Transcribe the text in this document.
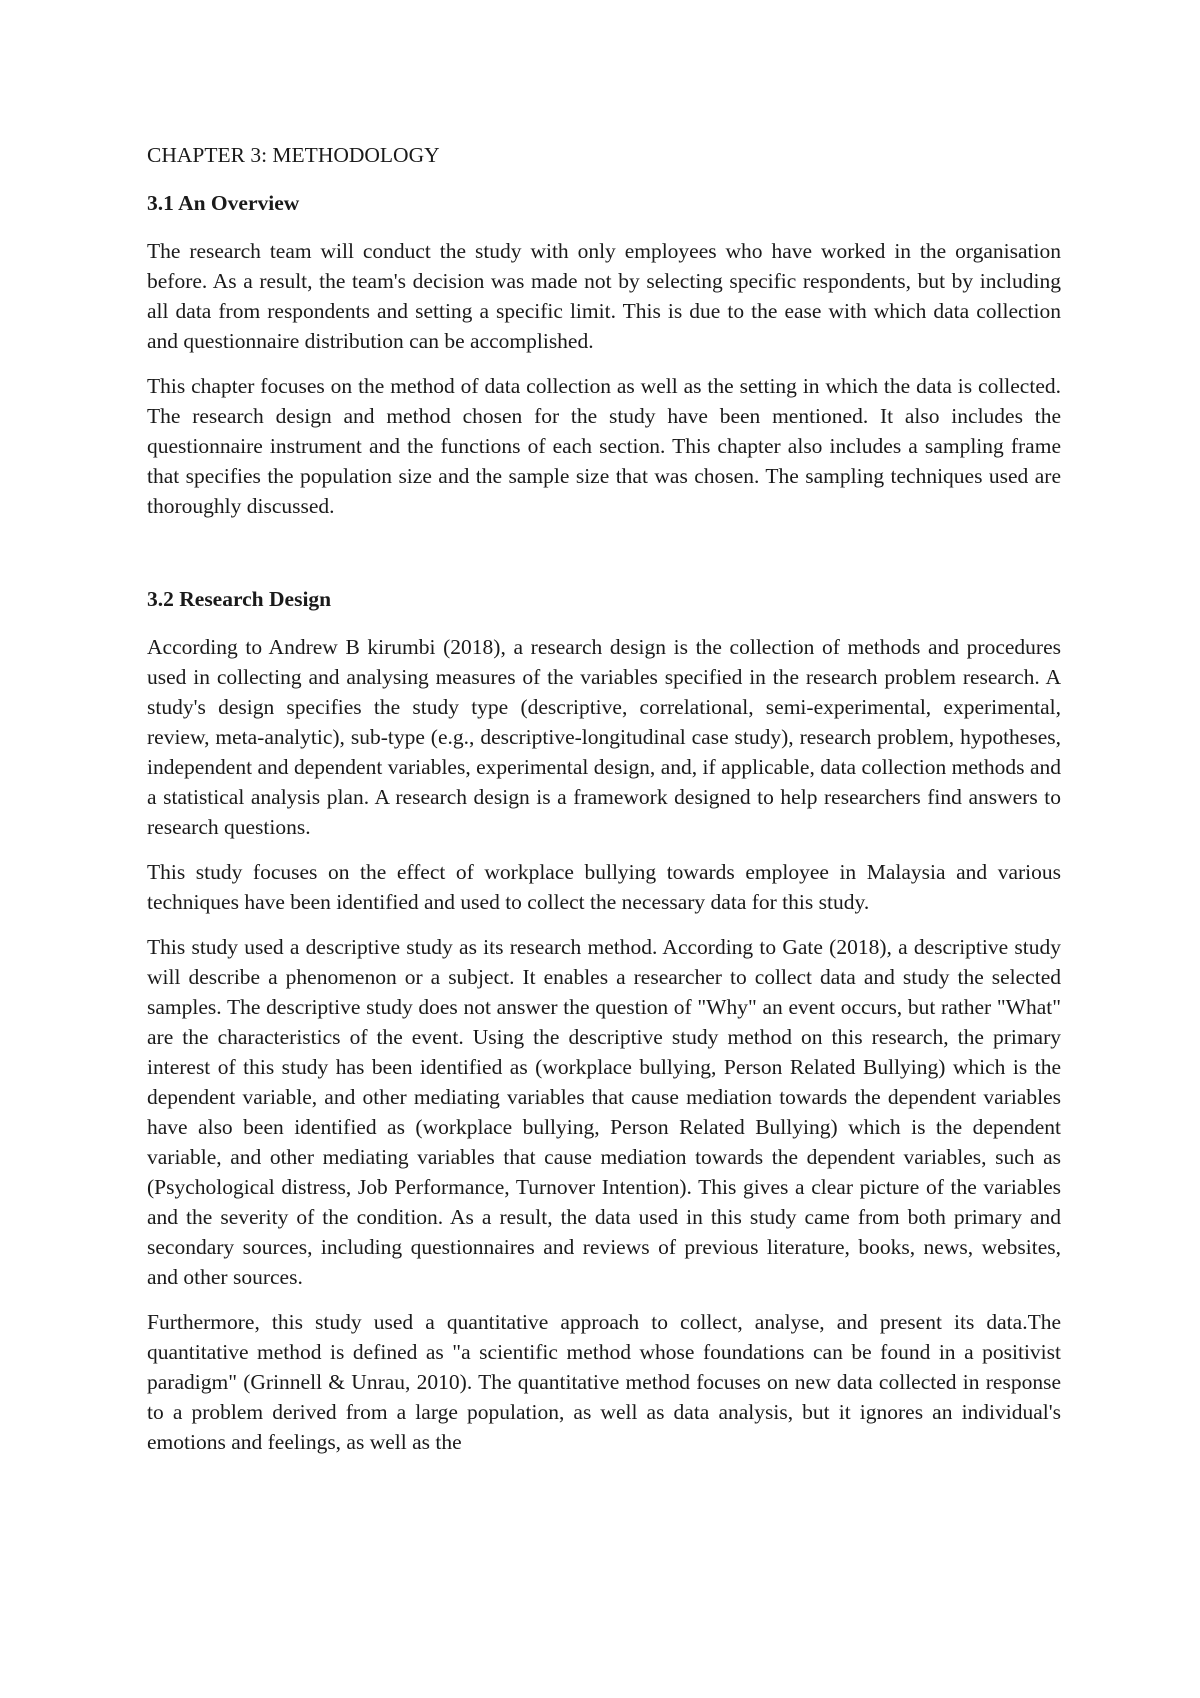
CHAPTER 3: METHODOLOGY
3.1 An Overview

The research team will conduct the study with only employees who have worked in the organisation before. As a result, the team's decision was made not by selecting specific respondents, but by including all data from respondents and setting a specific limit. This is due to the ease with which data collection and questionnaire distribution can be accomplished.

This chapter focuses on the method of data collection as well as the setting in which the data is collected. The research design and method chosen for the study have been mentioned. It also includes the questionnaire instrument and the functions of each section. This chapter also includes a sampling frame that specifies the population size and the sample size that was chosen. The sampling techniques used are thoroughly discussed.

3.2 Research Design

According to Andrew B kirumbi (2018), a research design is the collection of methods and procedures used in collecting and analysing measures of the variables specified in the research problem research. A study's design specifies the study type (descriptive, correlational, semi-experimental, experimental, review, meta-analytic), sub-type (e.g., descriptive-longitudinal case study), research problem, hypotheses, independent and dependent variables, experimental design, and, if applicable, data collection methods and a statistical analysis plan. A research design is a framework designed to help researchers find answers to research questions.

This study focuses on the effect of workplace bullying towards employee in Malaysia and various techniques have been identified and used to collect the necessary data for this study.

This study used a descriptive study as its research method. According to Gate (2018), a descriptive study will describe a phenomenon or a subject. It enables a researcher to collect data and study the selected samples. The descriptive study does not answer the question of "Why" an event occurs, but rather "What" are the characteristics of the event. Using the descriptive study method on this research, the primary interest of this study has been identified as (workplace bullying, Person Related Bullying) which is the dependent variable, and other mediating variables that cause mediation towards the dependent variables have also been identified as (workplace bullying, Person Related Bullying) which is the dependent variable, and other mediating variables that cause mediation towards the dependent variables, such as (Psychological distress, Job Performance, Turnover Intention). This gives a clear picture of the variables and the severity of the condition. As a result, the data used in this study came from both primary and secondary sources, including questionnaires and reviews of previous literature, books, news, websites, and other sources.

Furthermore, this study used a quantitative approach to collect, analyse, and present its data.The quantitative method is defined as "a scientific method whose foundations can be found in a positivist paradigm" (Grinnell & Unrau, 2010). The quantitative method focuses on new data collected in response to a problem derived from a large population, as well as data analysis, but it ignores an individual's emotions and feelings, as well as the
